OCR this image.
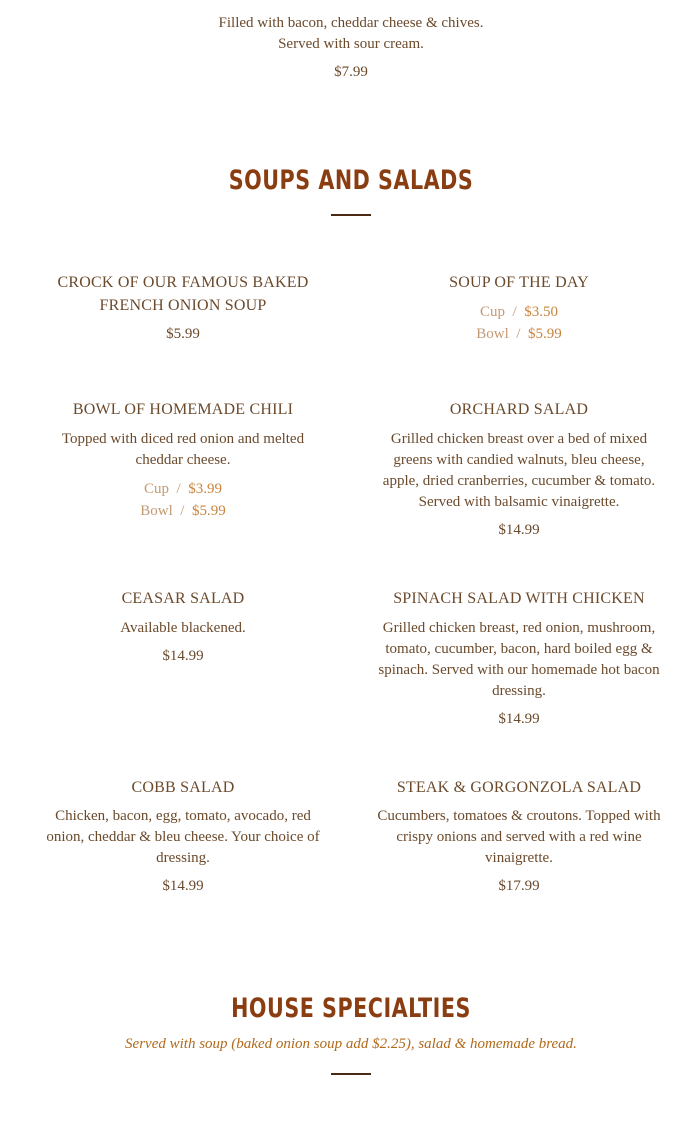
Filled with bacon, cheddar cheese & chives.
Served with sour cream.
$7.99
SOUPS AND SALADS
CROCK OF OUR FAMOUS BAKED FRENCH ONION SOUP
$5.99
SOUP OF THE DAY
Cup / $3.50
Bowl / $5.99
BOWL OF HOMEMADE CHILI
Topped with diced red onion and melted cheddar cheese.
Cup / $3.99
Bowl / $5.99
ORCHARD SALAD
Grilled chicken breast over a bed of mixed greens with candied walnuts, bleu cheese, apple, dried cranberries, cucumber & tomato. Served with balsamic vinaigrette.
$14.99
CEASAR SALAD
Available blackened.
$14.99
SPINACH SALAD WITH CHICKEN
Grilled chicken breast, red onion, mushroom, tomato, cucumber, bacon, hard boiled egg & spinach. Served with our homemade hot bacon dressing.
$14.99
COBB SALAD
Chicken, bacon, egg, tomato, avocado, red onion, cheddar & bleu cheese. Your choice of dressing.
$14.99
STEAK & GORGONZOLA SALAD
Cucumbers, tomatoes & croutons. Topped with crispy onions and served with a red wine vinaigrette.
$17.99
HOUSE SPECIALTIES
Served with soup (baked onion soup add $2.25), salad & homemade bread.
